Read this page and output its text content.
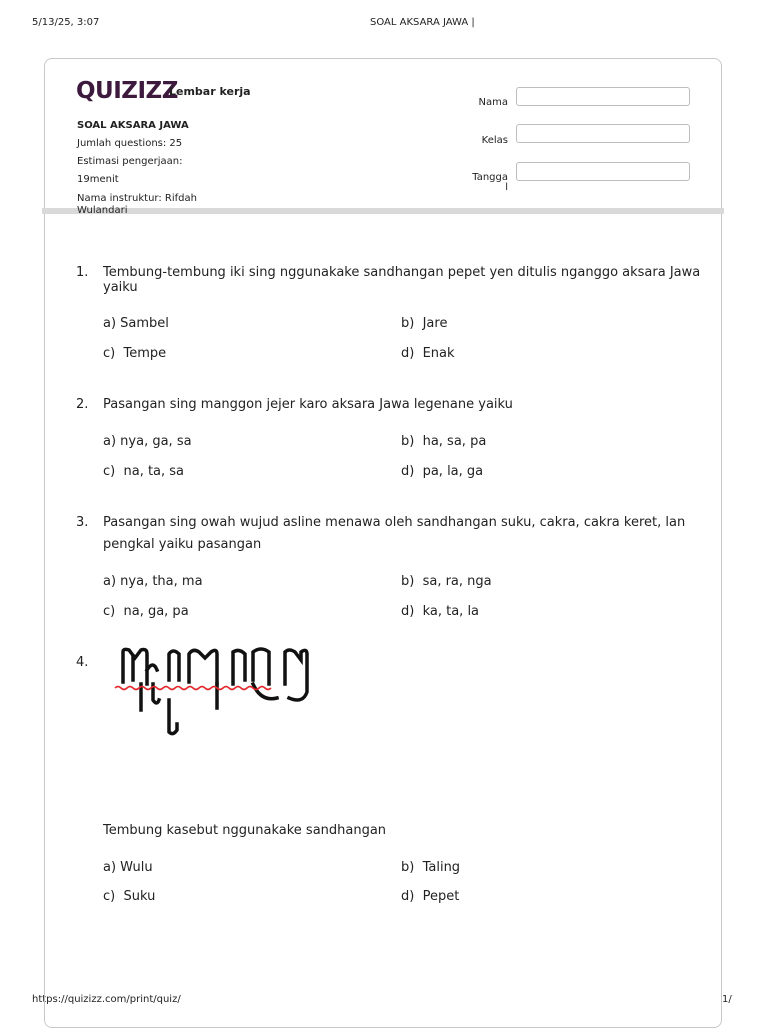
5/13/25, 3:07	SOAL AKSARA JAWA |
https://quizizz.com/print/quiz/	1/
QUIZIZZ
Lembar kerja
SOAL AKSARA JAWA
Jumlah questions: 25
Estimasi pengerjaan:
19menit
Nama instruktur: Rifdah
Wulandari
Nama
Kelas
Tangga
l
1. Tembung-tembung iki sing nggunakake sandhangan pepet yen ditulis nganggo aksara Jawa yaiku
a) Sambel	b)  Jare
c)  Tempe	d)  Enak
2. Pasangan sing manggon jejer karo aksara Jawa legenane yaiku
a) nya, ga, sa	b)  ha, sa, pa
c)  na, ta, sa	d)  pa, la, ga
3. Pasangan sing owah wujud asline menawa oleh sandhangan suku, cakra, cakra keret, lan pengkal yaiku pasangan
a) nya, tha, ma	b)  sa, ra, nga
c)  na, ga, pa	d)  ka, ta, la
4.
Tembung kasebut nggunakake sandhangan
a) Wulu	b)  Taling
c)  Suku	d)  Pepet
